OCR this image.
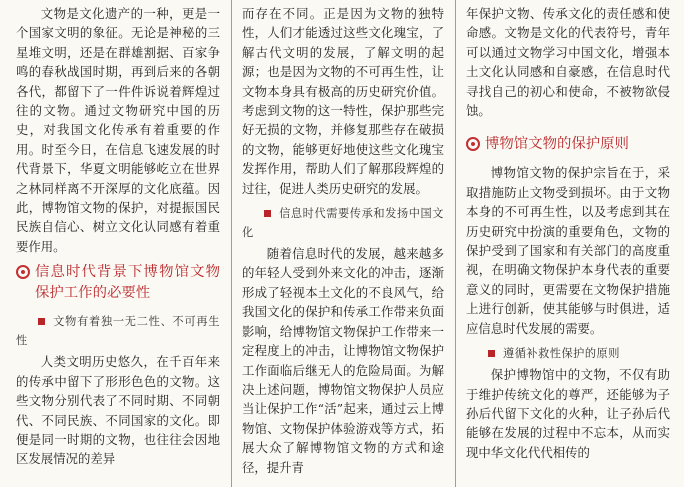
文物是文化遗产的一种，更是一个国家文明的象征。无论是神秘的三星堆文明，还是在群雄割据、百家争鸣的春秋战国时期，再到后来的各朝各代，都留下了一件件诉说着辉煌过往的文物。通过文物研究中国的历史，对我国文化传承有着重要的作用。时至今日，在信息飞速发展的时代背景下，华夏文明能够屹立在世界之林同样离不开深厚的文化底蕴。因此，博物馆文物的保护，对提振国民民族自信心、树立文化认同感有着重要作用。

信息时代背景下博物馆文物保护工作的必要性

文物有着独一无二性、不可再生性

人类文明历史悠久，在千百年来的传承中留下了形形色色的文物。这些文物分别代表了不同时期、不同朝代、不同民族、不同国家的文化。即便是同一时期的文物，也往往会因地区发展情况的差异

而存在不同。正是因为文物的独特性，人们才能透过这些文化瑰宝，了解古代文明的发展，了解文明的起源；也是因为文物的不可再生性，让文物本身具有极高的历史研究价值。考虑到文物的这一特性，保护那些完好无损的文物，并修复那些存在破损的文物，能够更好地使这些文化瑰宝发挥作用，帮助人们了解那段辉煌的过往，促进人类历史研究的发展。

信息时代需要传承和发扬中国文化

随着信息时代的发展，越来越多的年轻人受到外来文化的冲击，逐渐形成了轻视本土文化的不良风气，给我国文化的保护和传承工作带来负面影响，给博物馆文物保护工作带来一定程度上的冲击，让博物馆文物保护工作面临后继无人的危险局面。为解决上述问题，博物馆文物保护人员应当让保护工作“活”起来，通过云上博物馆、文物保护体验游戏等方式，拓展大众了解博物馆文物的方式和途径，提升青

年保护文物、传承文化的责任感和使命感。文物是文化的代表符号，青年可以通过文物学习中国文化，增强本土文化认同感和自豪感，在信息时代寻找自己的初心和使命，不被物欲侵蚀。

博物馆文物的保护原则

博物馆文物的保护宗旨在于，采取措施防止文物受到损坏。由于文物本身的不可再生性，以及考虑到其在历史研究中扮演的重要角色，文物的保护受到了国家和有关部门的高度重视，在明确文物保护本身代表的重要意义的同时，更需要在文物保护措施上进行创新，使其能够与时俱进，适应信息时代发展的需要。

遵循补救性保护的原则

保护博物馆中的文物，不仅有助于维护传统文化的尊严，还能够为子孙后代留下文化的火种，让子孙后代能够在发展的过程中不忘本，从而实现中华文化代代相传的
